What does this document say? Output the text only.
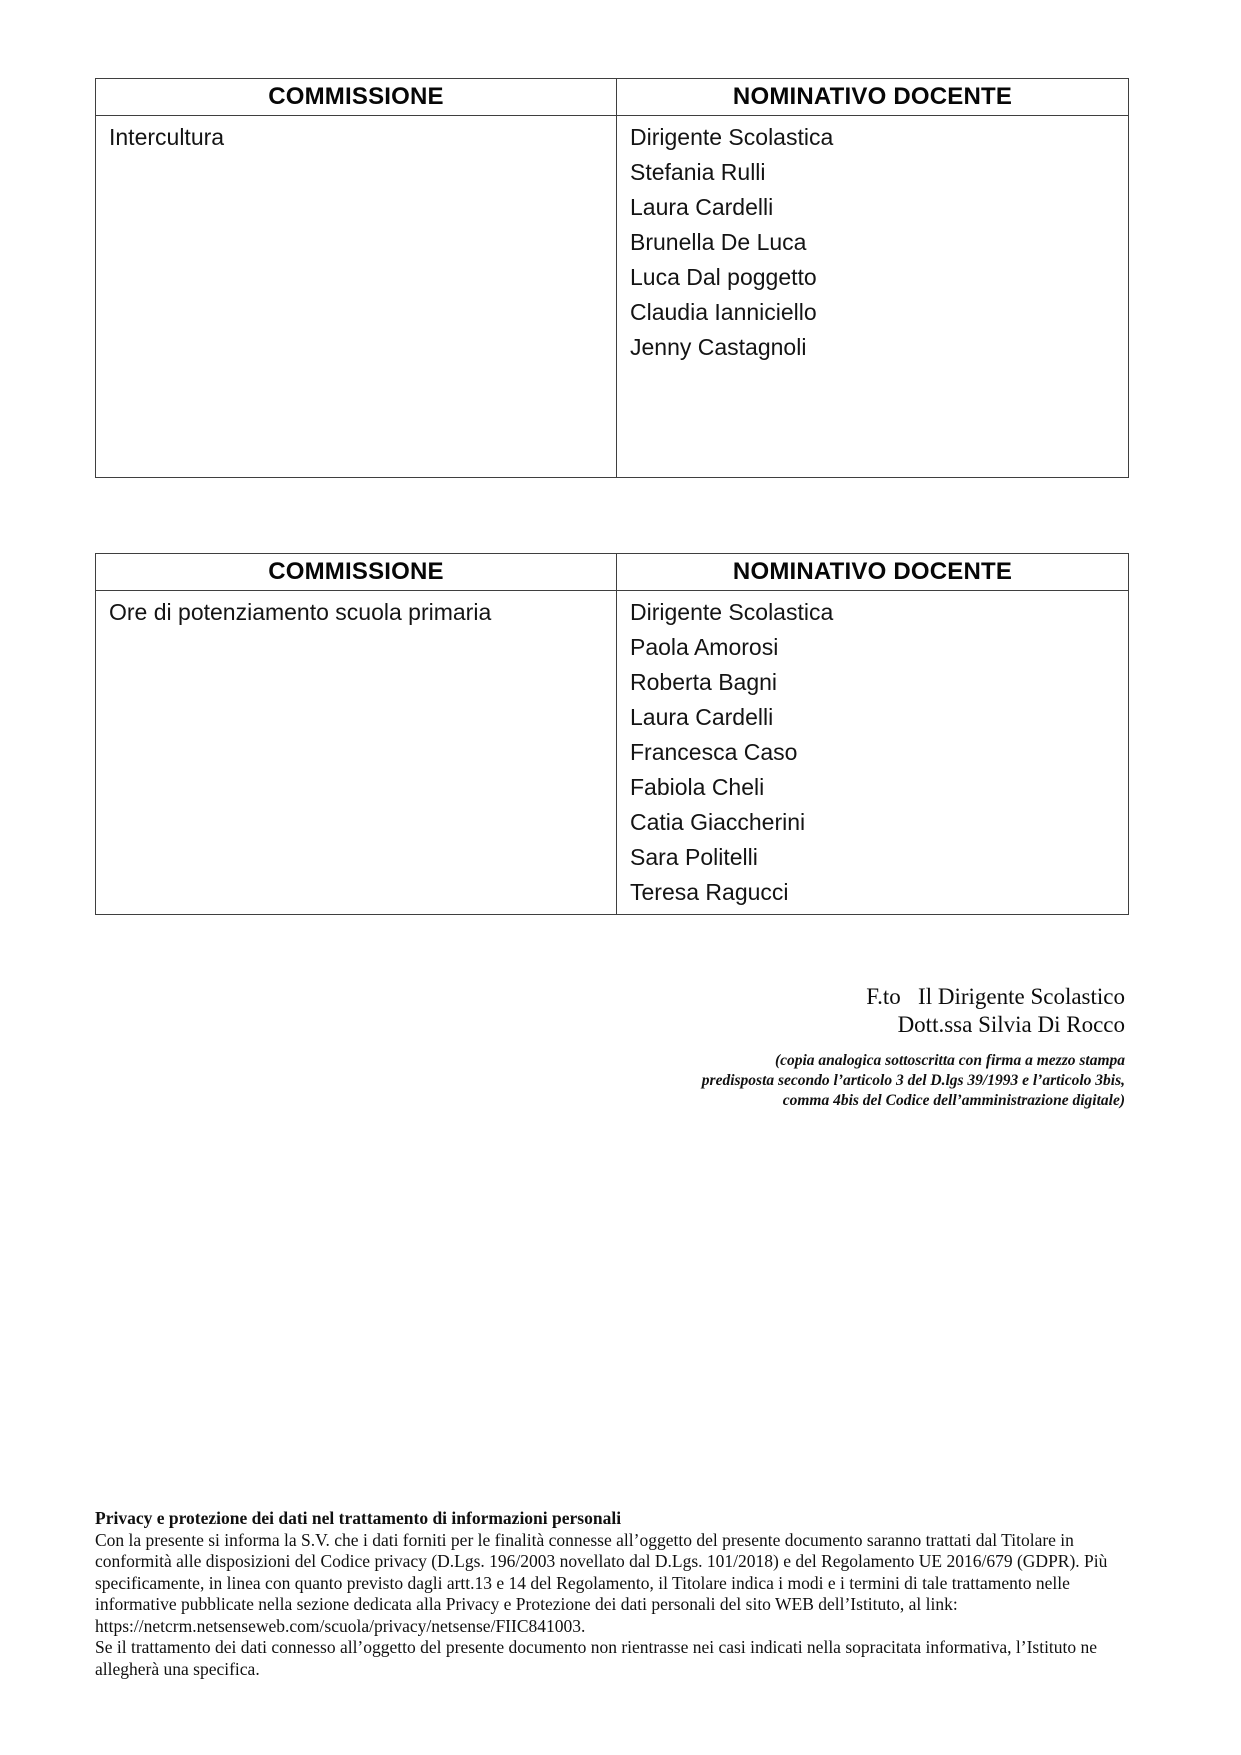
COMMISSIONE	NOMINATIVO DOCENTE

Intercultura	Dirigente Scolastica
Stefania Rulli
Laura Cardelli
Brunella De Luca
Luca Dal poggetto
Claudia Ianniciello
Jenny Castagnoli
COMMISSIONE	NOMINATIVO DOCENTE

Ore di potenziamento scuola primaria	Dirigente Scolastica
Paola Amorosi
Roberta Bagni
Laura Cardelli
Francesca Caso
Fabiola Cheli
Catia Giaccherini
Sara Politelli
Teresa Ragucci
F.to   Il Dirigente Scolastico
Dott.ssa Silvia Di Rocco
(copia analogica sottoscritta con firma a mezzo stampa
predisposta secondo l’articolo 3 del D.lgs 39/1993 e l’articolo 3bis,
comma 4bis del Codice dell’amministrazione digitale)
Privacy e protezione dei dati nel trattamento di informazioni personali

Con la presente si informa la S.V. che i dati forniti per le finalità connesse all’oggetto del presente documento saranno trattati dal Titolare in conformità alle disposizioni del Codice privacy (D.Lgs. 196/2003 novellato dal D.Lgs. 101/2018) e del Regolamento UE 2016/679 (GDPR). Più specificamente, in linea con quanto previsto dagli artt.13 e 14 del Regolamento, il Titolare indica i modi e i termini di tale trattamento nelle informative pubblicate nella sezione dedicata alla Privacy e Protezione dei dati personali del sito WEB dell’Istituto, al link: https://netcrm.netsenseweb.com/scuola/privacy/netsense/FIIC841003.

Se il trattamento dei dati connesso all’oggetto del presente documento non rientrasse nei casi indicati nella sopracitata informativa, l’Istituto ne allegherà una specifica.
